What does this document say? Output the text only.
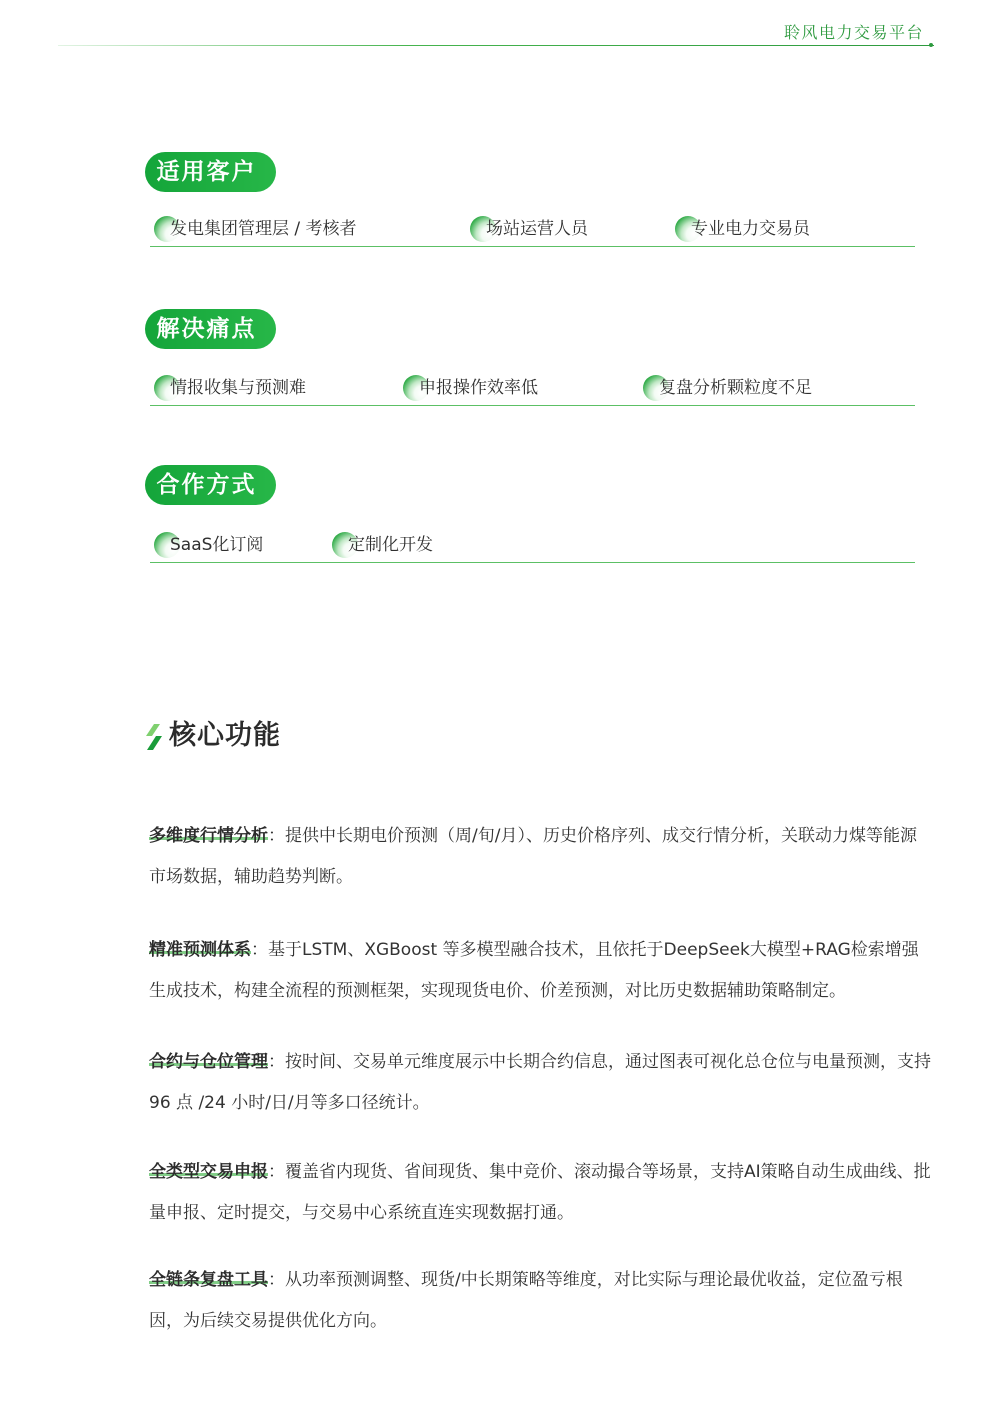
聆风电力交易平台
适用客户
发电集团管理层 / 考核者	场站运营人员	专业电力交易员
解决痛点
情报收集与预测难	申报操作效率低	复盘分析颗粒度不足
合作方式
SaaS化订阅	定制化开发
核心功能
多维度行情分析：提供中长期电价预测（周/旬/月）、历史价格序列、成交行情分析，关联动力煤等能源市场数据，辅助趋势判断。
精准预测体系：基于LSTM、XGBoost 等多模型融合技术，且依托于DeepSeek大模型+RAG检索增强生成技术，构建全流程的预测框架，实现现货电价、价差预测，对比历史数据辅助策略制定。
合约与仓位管理：按时间、交易单元维度展示中长期合约信息，通过图表可视化总仓位与电量预测，支持 96 点 /24 小时/日/月等多口径统计。
全类型交易申报：覆盖省内现货、省间现货、集中竞价、滚动撮合等场景，支持AI策略自动生成曲线、批量申报、定时提交，与交易中心系统直连实现数据打通。
全链条复盘工具：从功率预测调整、现货/中长期策略等维度，对比实际与理论最优收益，定位盈亏根因，为后续交易提供优化方向。
